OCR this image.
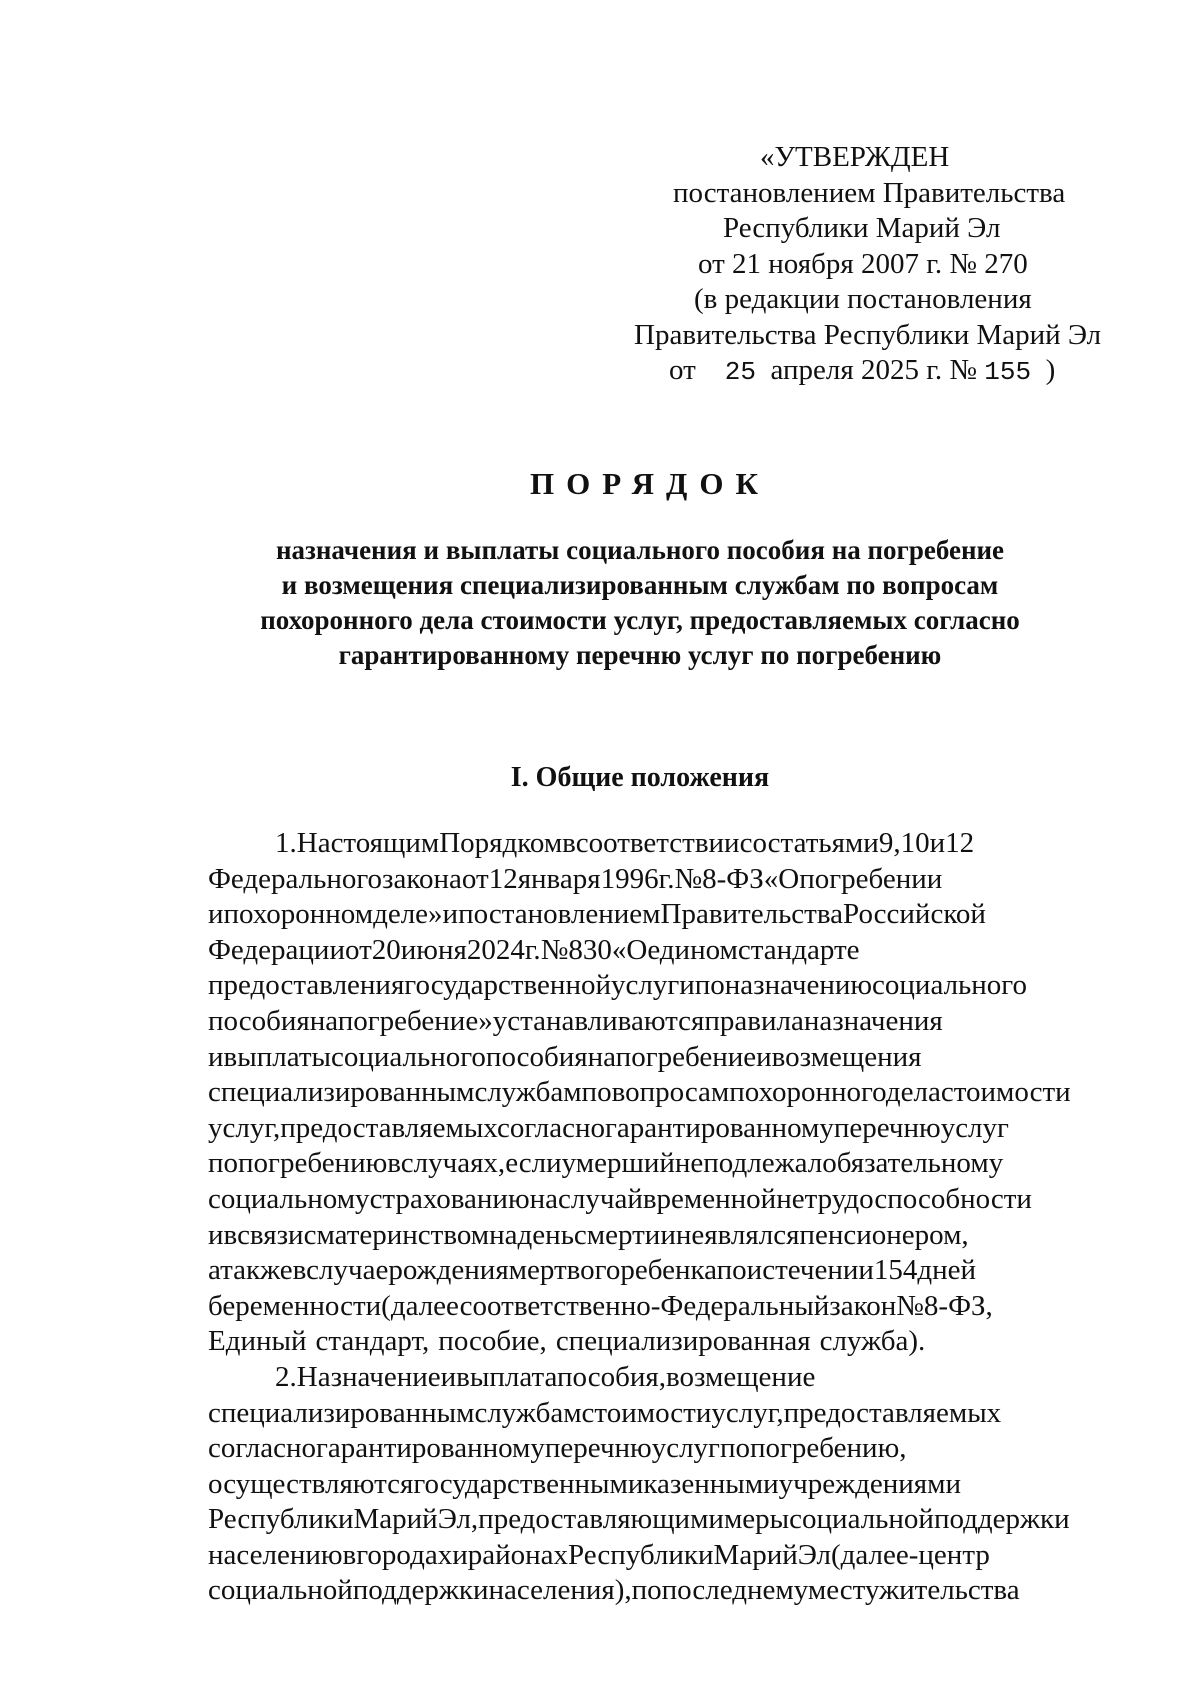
«УТВЕРЖДЕН
постановлением Правительства
Республики Марий Эл
от 21 ноября 2007 г. № 270
(в редакции постановления
Правительства Республики Марий Эл
от 25 апреля 2025 г. № 155 )
ПОРЯДОК
назначения и выплаты социального пособия на погребение
и возмещения специализированным службам по вопросам
похоронного дела стоимости услуг, предоставляемых согласно
гарантированному перечню услуг по погребению
I. Общие положения
1.НастоящимПорядкомвсоответствиисостатьями9,10и12
Федеральногозаконаот12января1996г.№8-ФЗ«Опогребении
ипохоронномделе»ипостановлениемПравительстваРоссийской
Федерацииот20июня2024г.№830«Оединомстандарте
предоставлениягосударственнойуслугипоназначениюсоциального
пособиянапогребение»устанавливаютсяправиланазначения
ивыплатысоциальногопособиянапогребениеивозмещения
специализированнымслужбамповопросампохоронногоделастоимости
услуг,предоставляемыхсогласногарантированномуперечнюуслуг
попогребениювслучаях,еслиумершийнеподлежалобязательному
социальномустрахованиюнаслучайвременнойнетрудоспособности
ивсвязисматеринствомнаденьсмертиинеявлялсяпенсионером,
атакжевслучаерождениямертвогоребенкапоистечении154дней
беременности(далеесоответственно-Федеральныйзакон№8-ФЗ,
Единый стандарт, пособие, специализированная служба).
2.Назначениеивыплатапособия,возмещение
специализированнымслужбамстоимостиуслуг,предоставляемых
согласногарантированномуперечнюуслугпопогребению,
осуществляютсягосударственнымиказеннымиучреждениями
РеспубликиМарийЭл,предоставляющимимерысоциальнойподдержки
населениювгородахирайонахРеспубликиМарийЭл(далее-центр
социальнойподдержкинаселения),попоследнемуместужительства
